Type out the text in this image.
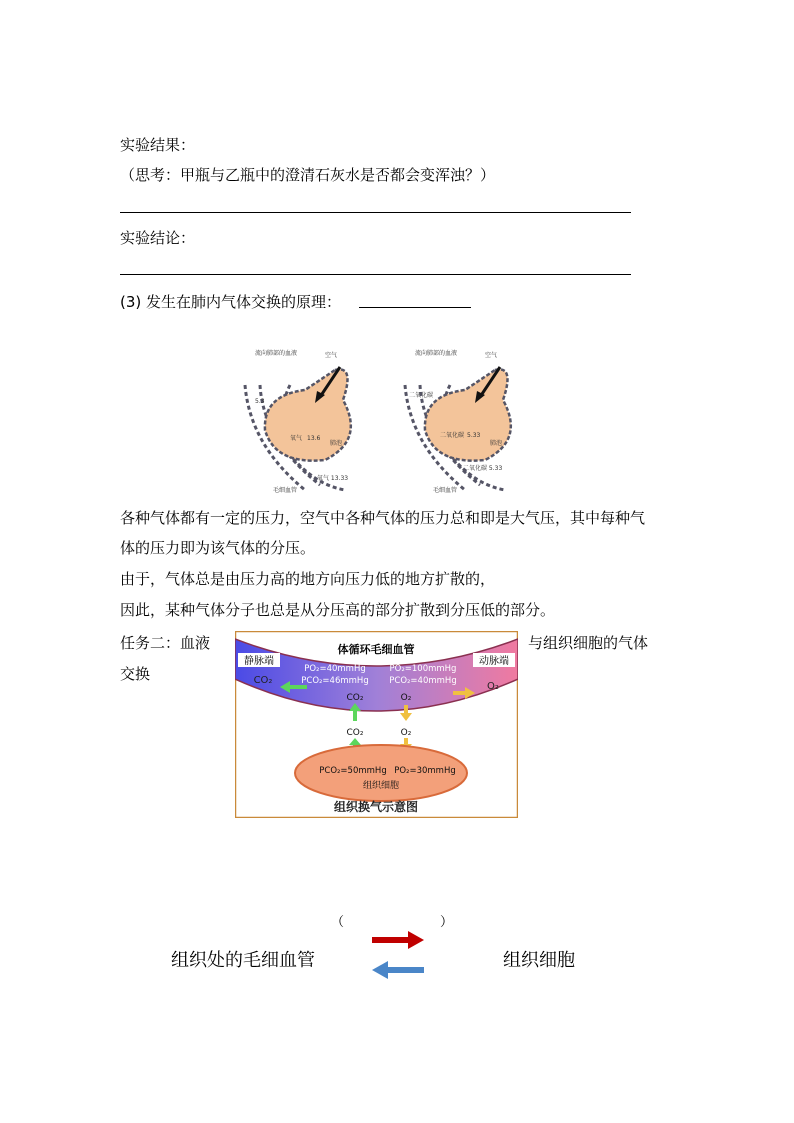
实验结果：
（思考：甲瓶与乙瓶中的澄清石灰水是否都会变浑浊？）
实验结论：
(3) 发生在肺内气体交换的原理：
流向肺部的血液	空气
氧气 13.6
肺泡
毛细血管
5.3
氧气 13.33
流向肺部的血液	空气
二氧化碳 5.33
肺泡
毛细血管
二氧化碳
二氧化碳 5.33
各种气体都有一定的压力，空气中各种气体的压力总和即是大气压，其中每种气
体的压力即为该气体的分压。
由于，气体总是由压力高的地方向压力低的地方扩散的，
因此，某种气体分子也总是从分压高的部分扩散到分压低的部分。
任务二：血液	与组织细胞的气体
交换
体循环毛细血管
静脉端	动脉端
CO₂
O₂
PO₂=40mmHg
PCO₂=46mmHg
PO₂=100mmHg
PCO₂=40mmHg
CO₂	O₂
CO₂	O₂
PCO₂=50mmHg PO₂=30mmHg
组织细胞
组织换气示意图
（	）
组织处的毛细血管	组织细胞
